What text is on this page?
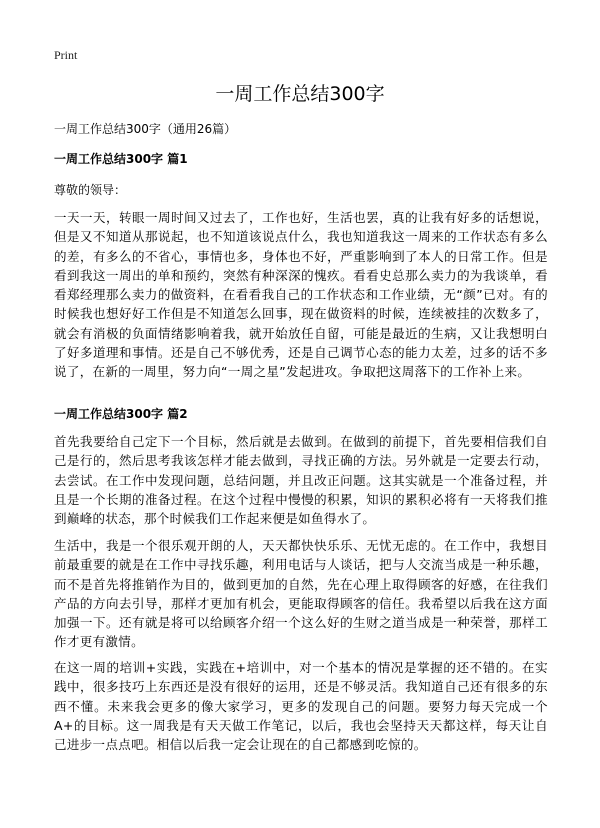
Print
一周工作总结300字
一周工作总结300字（通用26篇）
一周工作总结300字 篇1
尊敬的领导：

一天一天，转眼一周时间又过去了，工作也好，生活也罢，真的让我有好多的话想说，但是又不知道从那说起，也不知道该说点什么，我也知道我这一周来的工作状态有多么的差，有多么的不省心，事情也多，身体也不好，严重影响到了本人的日常工作。但是看到我这一周出的单和预约，突然有种深深的愧疚。看看史总那么卖力的为我谈单，看看郑经理那么卖力的做资料，在看看我自己的工作状态和工作业绩，无“颜”已对。有的时候我也想好好工作但是不知道怎么回事，现在做资料的时候，连续被挂的次数多了，就会有消极的负面情绪影响着我，就开始放任自留，可能是最近的生病，又让我想明白了好多道理和事情。还是自己不够优秀，还是自己调节心态的能力太差，过多的话不多说了，在新的一周里，努力向“一周之星”发起进攻。争取把这周落下的工作补上来。

一周工作总结300字 篇2

首先我要给自己定下一个目标，然后就是去做到。在做到的前提下，首先要相信我们自己是行的，然后思考我该怎样才能去做到，寻找正确的方法。另外就是一定要去行动，去尝试。在工作中发现问题，总结问题，并且改正问题。这其实就是一个准备过程，并且是一个长期的准备过程。在这个过程中慢慢的积累，知识的累积必将有一天将我们推到巅峰的状态，那个时候我们工作起来便是如鱼得水了。

生活中，我是一个很乐观开朗的人，天天都快快乐乐、无忧无虑的。在工作中，我想目前最重要的就是在工作中寻找乐趣，利用电话与人谈话，把与人交流当成是一种乐趣，而不是首先将推销作为目的，做到更加的自然，先在心理上取得顾客的好感，在往我们产品的方向去引导，那样才更加有机会，更能取得顾客的信任。我希望以后我在这方面加强一下。还有就是将可以给顾客介绍一个这么好的生财之道当成是一种荣誉，那样工作才更有激情。

在这一周的培训+实践，实践在+培训中，对一个基本的情况是掌握的还不错的。在实践中，很多技巧上东西还是没有很好的运用，还是不够灵活。我知道自己还有很多的东西不懂。未来我会更多的像大家学习，更多的发现自己的问题。要努力每天完成一个A+的目标。这一周我是有天天做工作笔记，以后，我也会坚持天天都这样，每天让自己进步一点点吧。相信以后我一定会让现在的自己都感到吃惊的。
